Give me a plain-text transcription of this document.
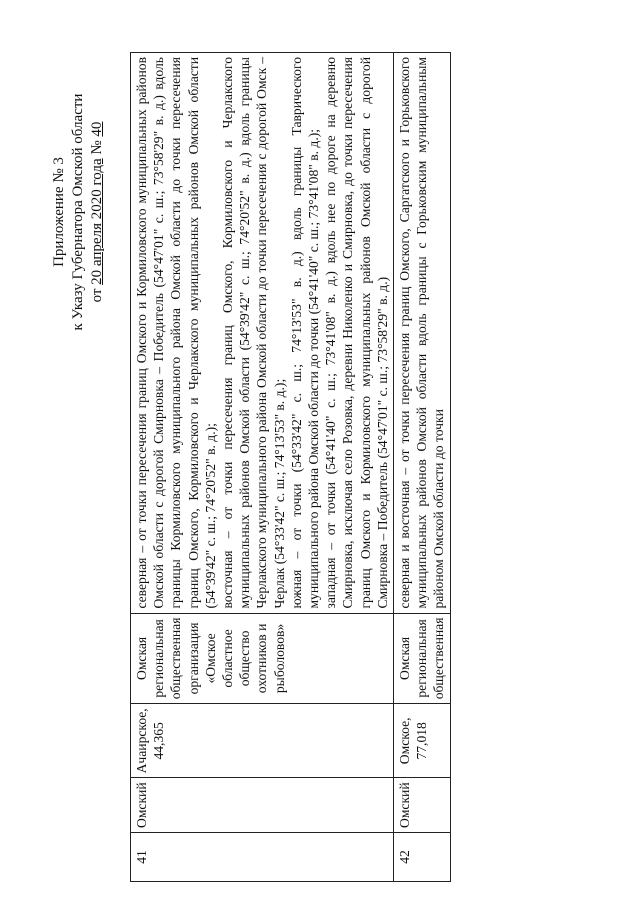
Приложение № 3 к Указу Губернатора Омской области от 20 апреля 2020 года № 40
41	Омский	Ачаирское, 44,365	Омская региональная общественная организация «Омское областное общество охотников и рыболовов»	северная – от точки пересечения границ Омского и Кормиловского муниципальных районов Омской области с дорогой Смирновка – Победитель (54°47'01" с. ш.; 73°58'29" в. д.) вдоль границы Кормиловского муниципального района Омской области до точки пересечения границ Омского, Кормиловского и Черлакского муниципальных районов Омской области (54°39'42" с. ш.; 74°20'52" в. д.); восточная – от точки пересечения границ Омского, Кормиловского и Черлакского муниципальных районов Омской области (54°39'42" с. ш.; 74°20'52" в. д.) вдоль границы Черлакского муниципального района Омской области до точки пересечения с дорогой Омск – Черлак (54°33'42" с. ш.; 74°13'53" в. д.); южная – от точки (54°33'42" с. ш.; 74°13'53" в. д.) вдоль границы Таврического муниципального района Омской области до точки (54°41'40" с. ш.; 73°41'08" в. д.); западная – от точки (54°41'40" с. ш.; 73°41'08" в. д.) вдоль нее по дороге на деревню Смирновка, исключая село Розовка, деревни Николенко и Смирновка, до точки пересечения границ Омского и Кормиловского муниципальных районов Омской области с дорогой Смирновка – Победитель (54°47'01" с. ш.; 73°58'29" в. д.)

42	Омский	Омское, 77,018	Омская региональная общественная	северная и восточная – от точки пересечения границ Омского, Саргатского и Горьковского муниципальных районов Омской области вдоль границы с Горьковским муниципальным районом Омской области до точки
